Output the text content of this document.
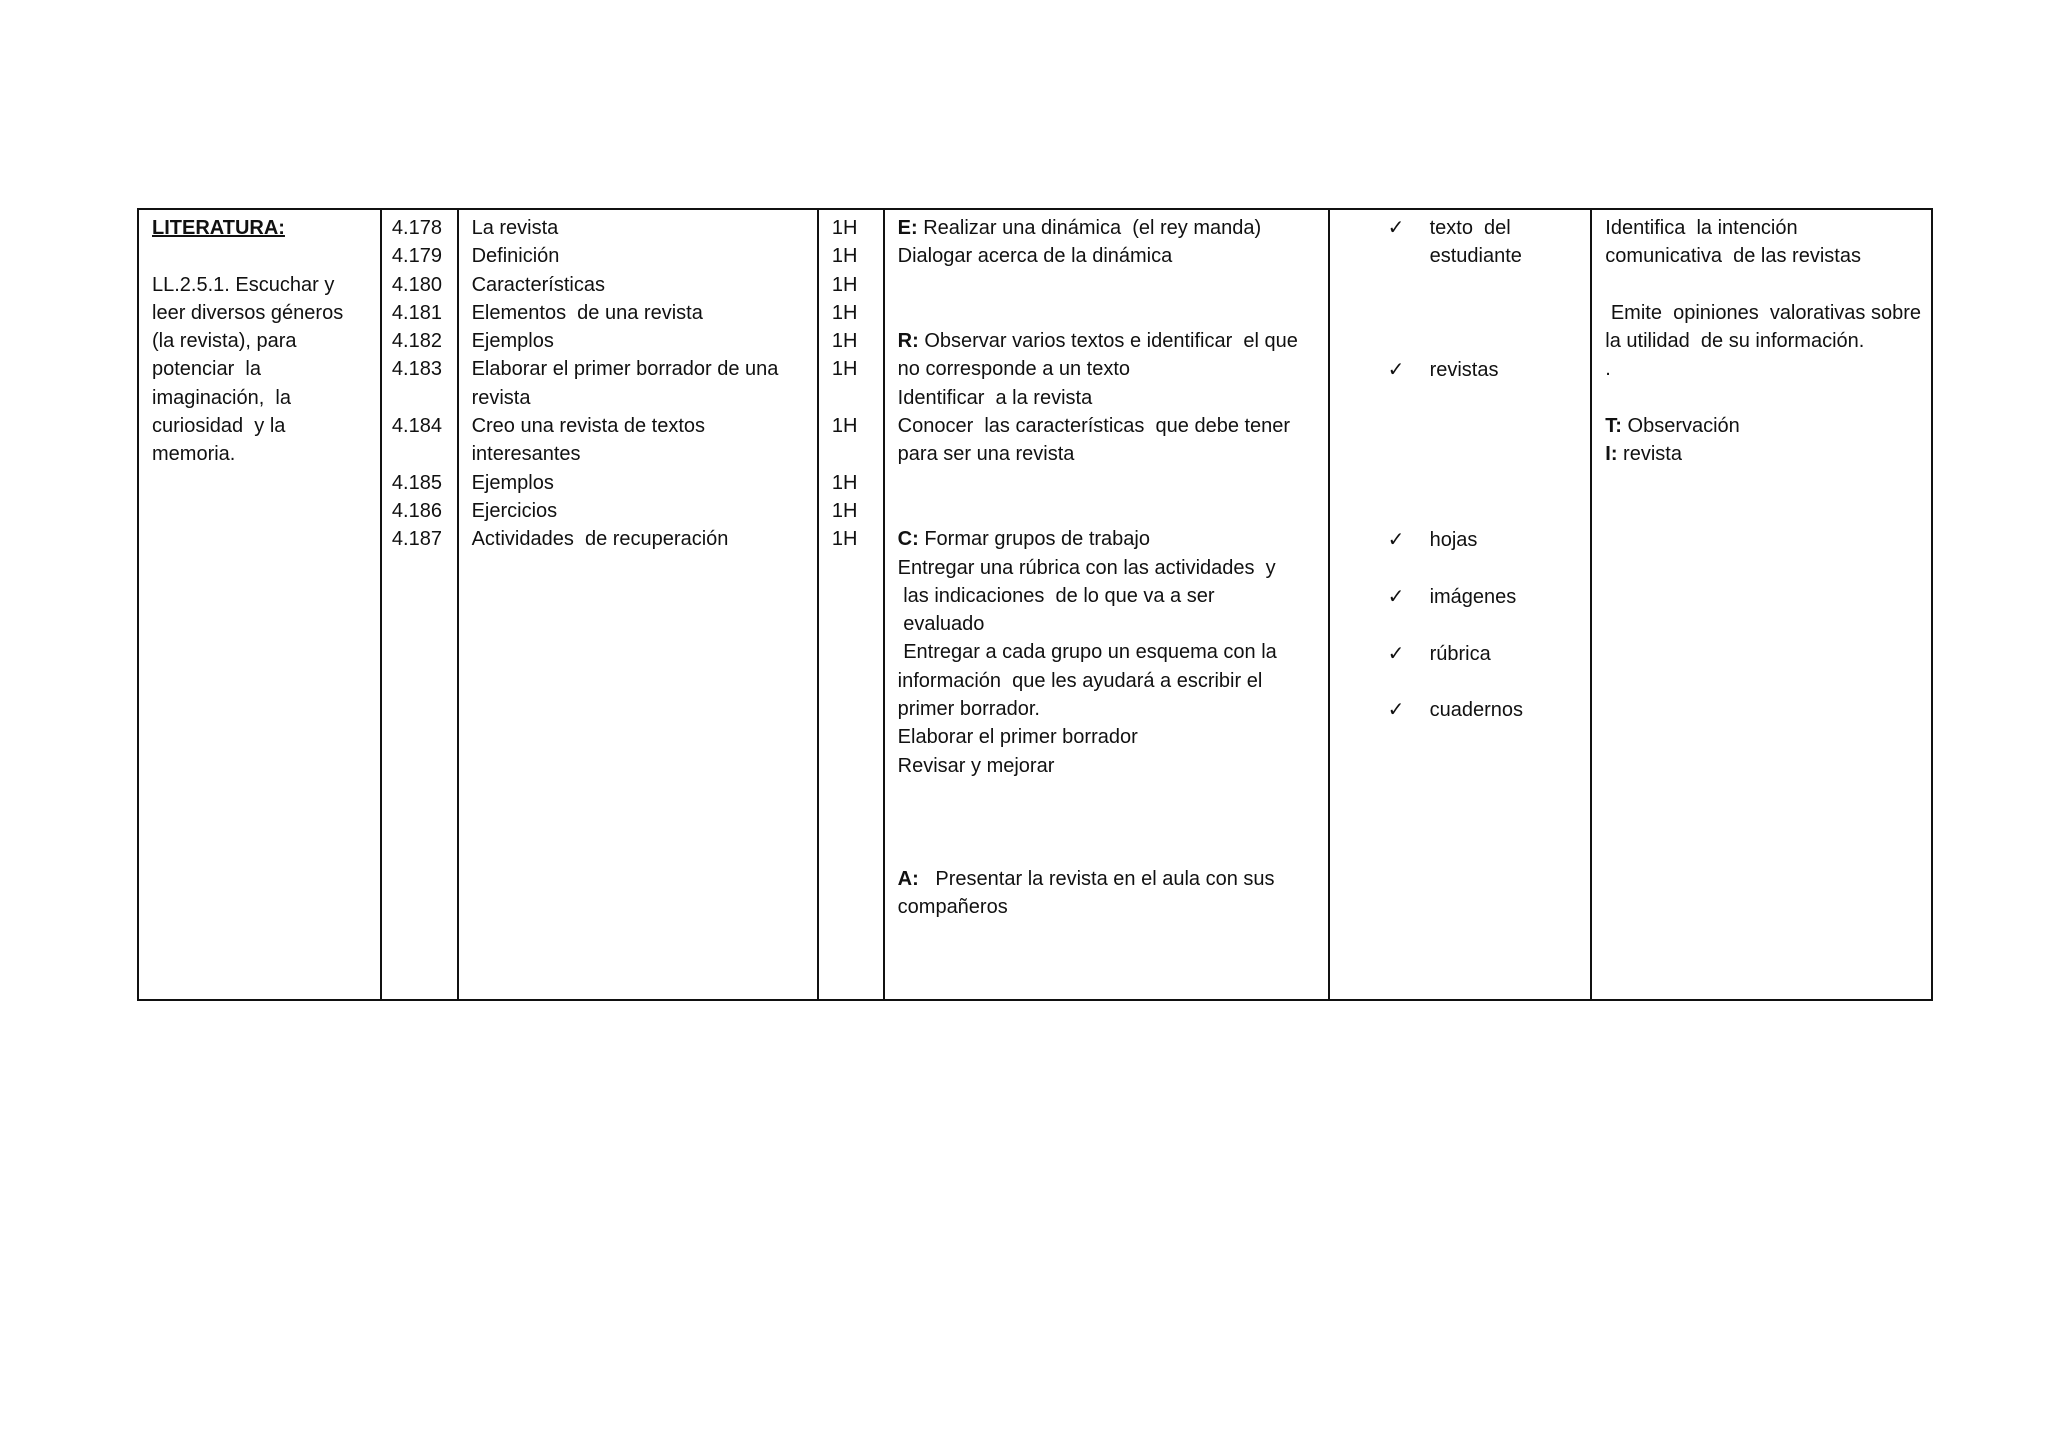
LITERATURA:
LL.2.5.1. Escuchar y
leer diversos géneros
(la revista), para
potenciar  la
imaginación,  la
curiosidad  y la
memoria.
4.178
4.179
4.180
4.181
4.182
4.183
4.184
4.185
4.186
4.187
La revista
Definición
Características
Elementos  de una revista
Ejemplos
Elaborar el primer borrador de una
revista
Creo una revista de textos
interesantes
Ejemplos
Ejercicios
Actividades  de recuperación
1H
1H
1H
1H
1H
1H
1H
1H
1H
1H
E: Realizar una dinámica  (el rey manda)
Dialogar acerca de la dinámica
R: Observar varios textos e identificar  el que
no corresponde a un texto
Identificar  a la revista
Conocer  las características  que debe tener
para ser una revista
C: Formar grupos de trabajo
Entregar una rúbrica con las actividades  y
las indicaciones  de lo que va a ser
evaluado
Entregar a cada grupo un esquema con la
información  que les ayudará a escribir el
primer borrador.
Elaborar el primer borrador
Revisar y mejorar
A:   Presentar la revista en el aula con sus
compañeros
✓ texto  del
estudiante
✓ revistas
✓ hojas
✓ imágenes
✓ rúbrica
✓ cuadernos
Identifica  la intención
comunicativa  de las revistas
Emite  opiniones  valorativas sobre
la utilidad  de su información.
.
T: Observación
I: revista
